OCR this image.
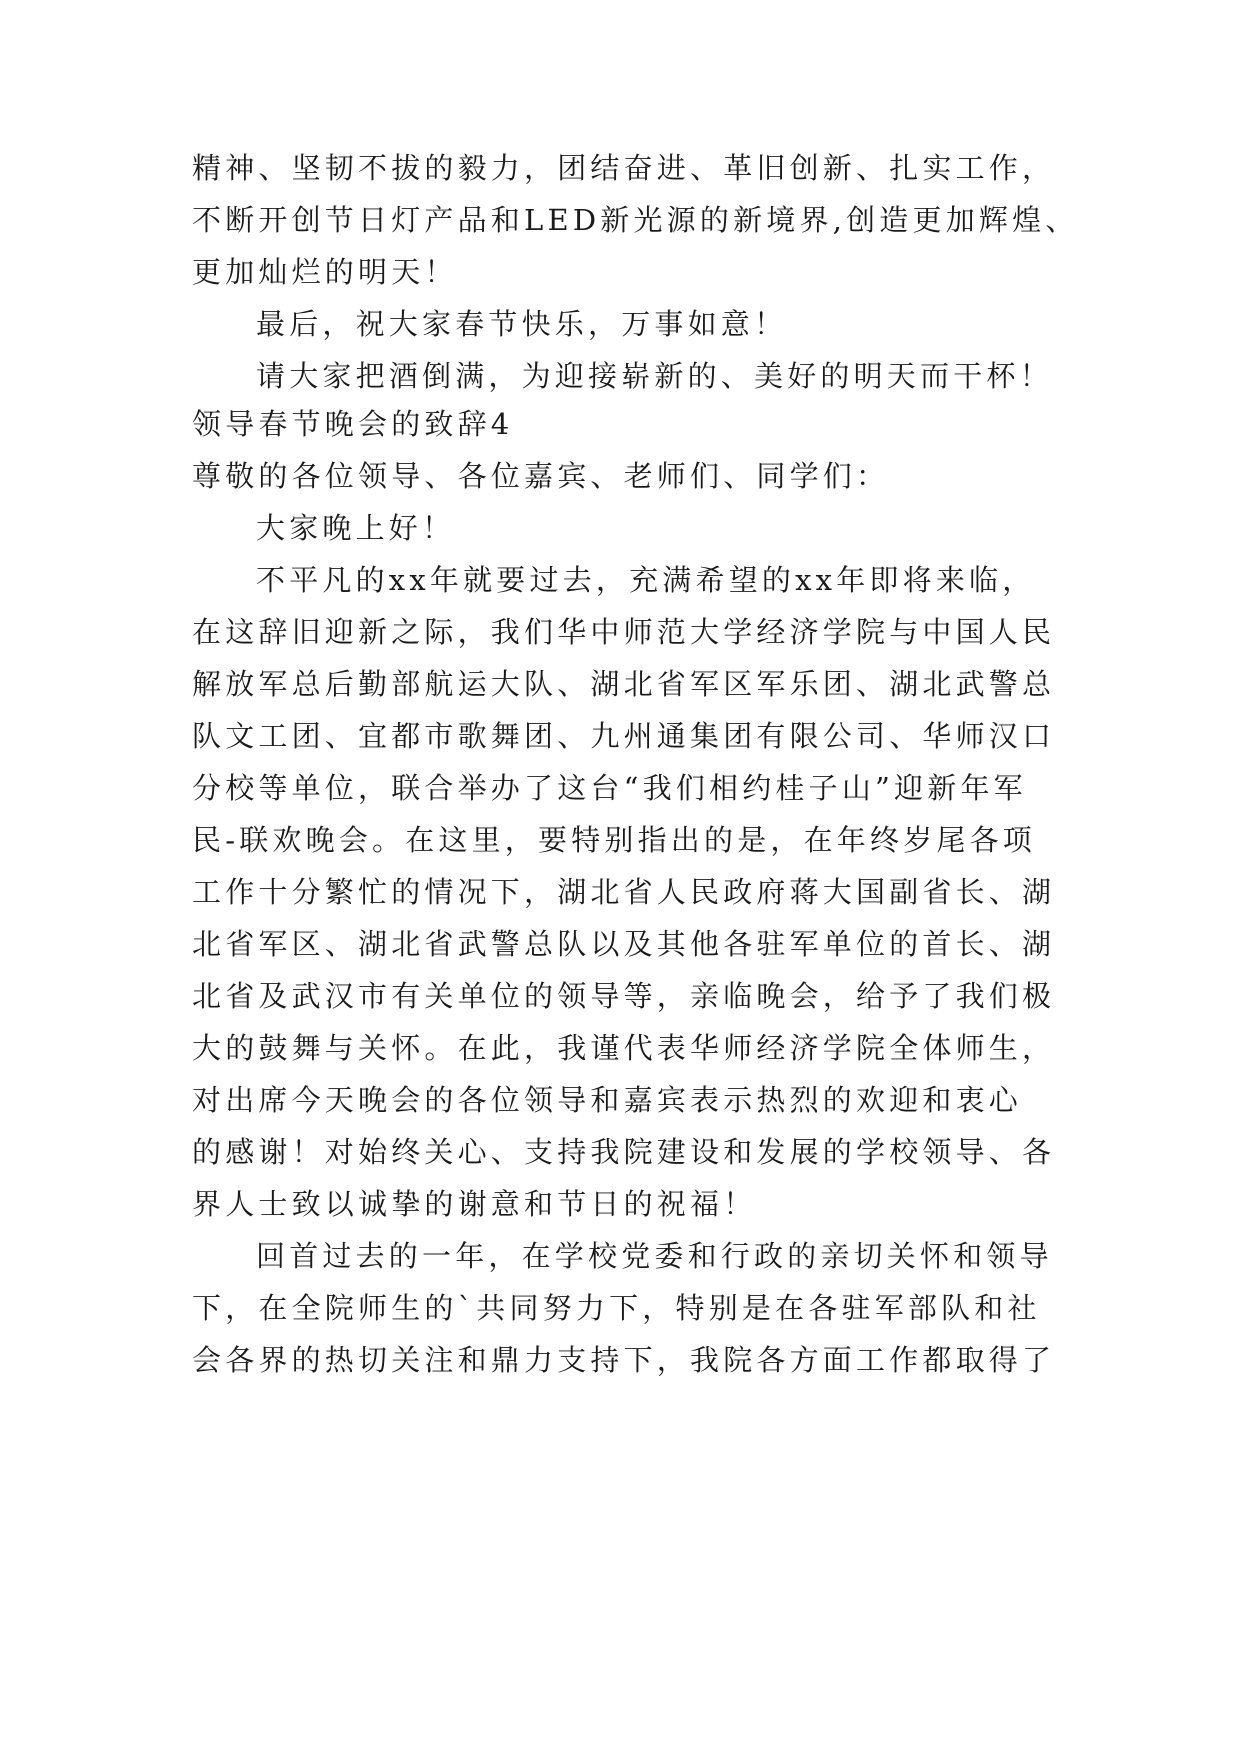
精神、坚韧不拔的毅力，团结奋进、革旧创新、扎实工作，
不断开创节日灯产品和LED新光源的新境界,创造更加辉煌、
更加灿烂的明天！
最后，祝大家春节快乐，万事如意！
请大家把酒倒满，为迎接崭新的、美好的明天而干杯！
领导春节晚会的致辞4
尊敬的各位领导、各位嘉宾、老师们、同学们：
大家晚上好！
不平凡的xx年就要过去，充满希望的xx年即将来临，
在这辞旧迎新之际，我们华中师范大学经济学院与中国人民
解放军总后勤部航运大队、湖北省军区军乐团、湖北武警总
队文工团、宜都市歌舞团、九州通集团有限公司、华师汉口
分校等单位，联合举办了这台“我们相约桂子山”迎新年军
民-联欢晚会。在这里，要特别指出的是，在年终岁尾各项
工作十分繁忙的情况下，湖北省人民政府蒋大国副省长、湖
北省军区、湖北省武警总队以及其他各驻军单位的首长、湖
北省及武汉市有关单位的领导等，亲临晚会，给予了我们极
大的鼓舞与关怀。在此，我谨代表华师经济学院全体师生，
对出席今天晚会的各位领导和嘉宾表示热烈的欢迎和衷心
的感谢！对始终关心、支持我院建设和发展的学校领导、各
界人士致以诚挚的谢意和节日的祝福！
回首过去的一年，在学校党委和行政的亲切关怀和领导
下，在全院师生的`共同努力下，特别是在各驻军部队和社
会各界的热切关注和鼎力支持下，我院各方面工作都取得了
